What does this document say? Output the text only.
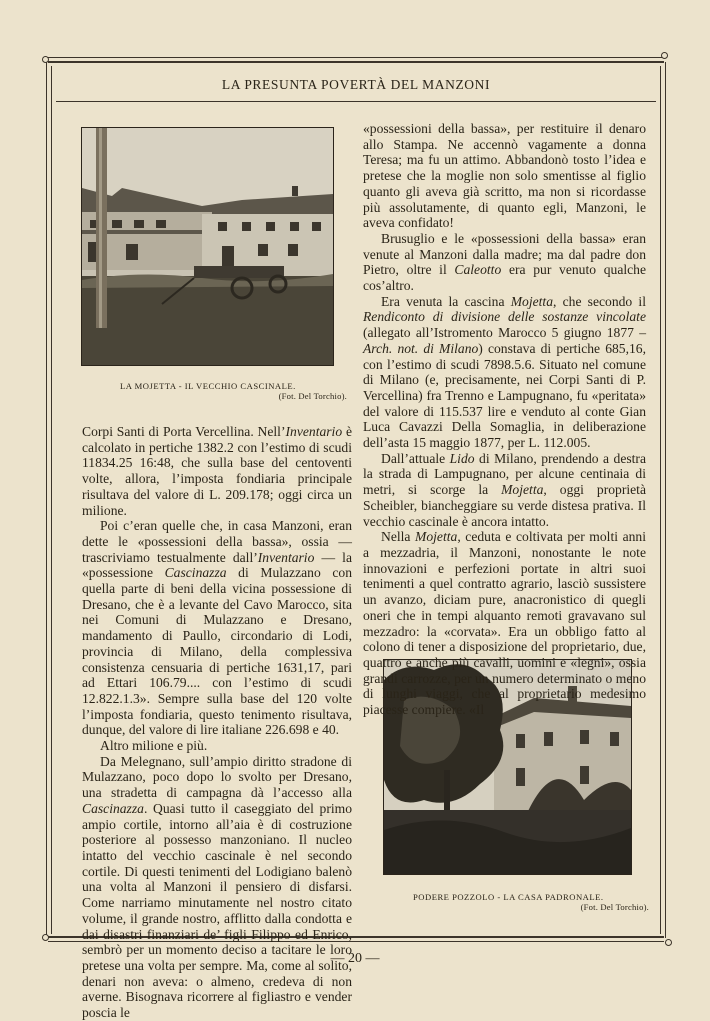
LA PRESUNTA POVERTÀ DEL MANZONI
LA MOJETTA - IL VECCHIO CASCINALE.
(Fot. Del Torchio).
PODERE POZZOLO - LA CASA PADRONALE.
(Fot. Del Torchio).

Corpi Santi di Porta Vercellina. Nell’Inventario è calcolato in pertiche 1382.2 con l’estimo di scudi 11834.25 16:48, che sulla base del centoventi volte, allora, l’imposta fondiaria principale risultava del valore di L. 209.178; oggi circa un milione.

Poi c’eran quelle che, in casa Manzoni, eran dette le «possessioni della bassa», ossia — trascriviamo testualmente dall’Inventario — la «possessione Cascinazza di Mulazzano con quella parte di beni della vicina possessione di Dresano, che è a levante del Cavo Marocco, sita nei Comuni di Mulazzano e Dresano, mandamento di Paullo, circondario di Lodi, provincia di Milano, della complessiva consistenza censuaria di pertiche 1631,17, pari ad Ettari 106.79.... con l’estimo di scudi 12.822.1.3». Sempre sulla base del 120 volte l’imposta fondiaria, questo tenimento risultava, dunque, del valore di lire italiane 226.698 e 40.

Altro milione e più.

Da Melegnano, sull’ampio diritto stradone di Mulazzano, poco dopo lo svolto per Dresano, una stradetta di campagna dà l’accesso alla Cascinazza. Quasi tutto il caseggiato del primo ampio cortile, intorno all’aia è di costruzione posteriore al possesso manzoniano. Il nucleo intatto del vecchio cascinale è nel secondo cortile. Di questi tenimenti del Lodigiano balenò una volta al Manzoni il pensiero di disfarsi. Come narriamo minutamente nel nostro citato volume, il grande nostro, afflitto dalla condotta e dai disastri finanziari de’ figli Filippo ed Enrico, sembrò per un momento deciso a tacitare le loro pretese una volta per sempre. Ma, come al solito, denari non aveva: o almeno, credeva di non averne. Bisognava ricorrere al figliastro e vender poscia le

«possessioni della bassa», per restituire il denaro allo Stampa. Ne accennò vagamente a donna Teresa; ma fu un attimo. Abbandonò tosto l’idea e pretese che la moglie non solo smentisse al figlio quanto gli aveva già scritto, ma non si ricordasse più assolutamente, di quanto egli, Manzoni, le aveva confidato!

Brusuglio e le «possessioni della bassa» eran venute al Manzoni dalla madre; ma dal padre don Pietro, oltre il Caleotto era pur venuto qualche cos’altro.

Era venuta la cascina Mojetta, che secondo il Rendiconto di divisione delle sostanze vincolate (allegato all’Istromento Marocco 5 giugno 1877 – Arch. not. di Milano) constava di pertiche 685,16, con l’estimo di scudi 7898.5.6. Situato nel comune di Milano (e, precisamente, nei Corpi Santi di P. Vercellina) fra Trenno e Lampugnano, fu «peritata» del valore di 115.537 lire e venduto al conte Gian Luca Cavazzi Della Somaglia, in deliberazione dell’asta 15 maggio 1877, per L. 112.005.

Dall’attuale Lido di Milano, prendendo a destra la strada di Lampugnano, per alcune centinaia di metri, si scorge la Mojetta, oggi proprietà Scheibler, biancheggiare su verde distesa prativa. Il vecchio cascinale è ancora intatto.

Nella Mojetta, ceduta e coltivata per molti anni a mezzadria, il Manzoni, nonostante le note innovazioni e perfezioni portate in altri suoi tenimenti a quel contratto agrario, lasciò sussistere un avanzo, diciam pure, anacronistico di quegli oneri che in tempi alquanto remoti gravavano sul mezzadro: la «corvata». Era un obbligo fatto al colono di tener a disposizione del proprietario, due, quattro e anche più cavalli, uomini e «legni», ossia grandi carrozze, per un numero determinato o meno di lunghi viaggi, che al proprietario medesimo piacesse compiere. «Il

— 20 —
